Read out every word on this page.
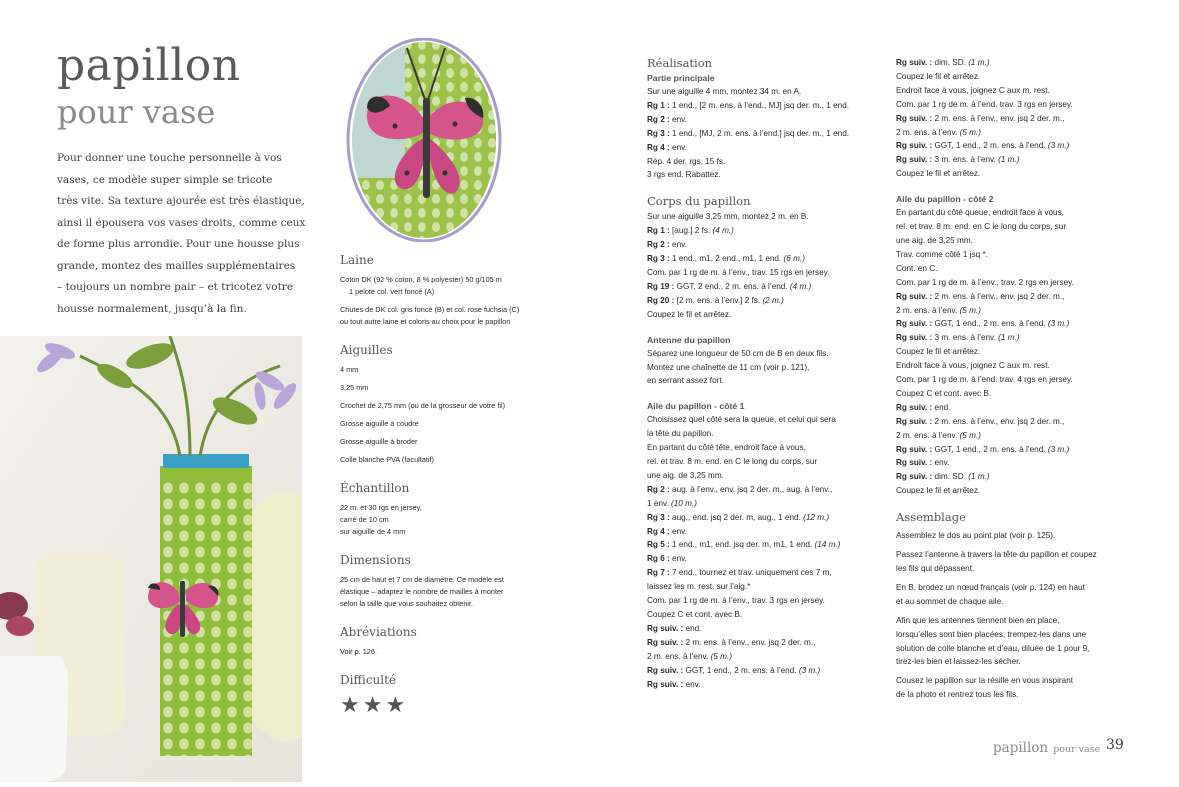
papillon
pour vase

Pour donner une touche personnelle à vos

vases, ce modèle super simple se tricote

très vite. Sa texture ajourée est très élastique,

ainsi il épousera vos vases droits, comme ceux

de forme plus arrondie. Pour une housse plus

grande, montez des mailles supplémentaires

– toujours un nombre pair – et tricotez votre

housse normalement, jusqu’à la fin.

Laine

Coton DK (92 % coton, 8 % polyester) 50 g/105 m

1 pelote col. vert foncé (A)

Chutes de DK col. gris foncé (B) et col. rose fuchsia (C)

ou tout autre laine et coloris au choix pour le papillon

Aiguilles

4 mm

3,25 mm

Crochet de 2,75 mm (ou de la grosseur de votre fil)

Grosse aiguille à coudre

Grosse aiguille à broder

Colle blanche PVA (facultatif)

Échantillon

22 m. et 30 rgs en jersey,

carré de 10 cm

sur aiguille de 4 mm

Dimensions

25 cm de haut et 7 cm de diamètre. Ce modèle est

élastique – adaptez le nombre de mailles à monter

selon la taille que vous souhaitez obtenir.

Abréviations

Voir p. 126.

Difficulté
★★★
Réalisation
Partie principale

Sur une aiguille 4 mm, montez 34 m. en A.

Rg 1 : 1 end., [2 m. ens. à l’end., MJ] jsq der. m., 1 end.

Rg 2 : env.

Rg 3 : 1 end., [MJ, 2 m. ens. à l’end.] jsq der. m., 1 end.

Rg 4 : env.

Rép. 4 der. rgs, 15 fs.

3 rgs end. Rabattez.

Corps du papillon

Sur une aiguille 3,25 mm, montez 2 m. en B.

Rg 1 : [aug.] 2 fs. (4 m.)

Rg 2 : env.

Rg 3 : 1 end., m1, 2 end., m1, 1 end. (6 m.)

Com. par 1 rg de m. à l’env., trav. 15 rgs en jersey.

Rg 19 : GGT, 2 end., 2 m. ens. à l’end. (4 m.)

Rg 20 : [2 m. ens. à l’env.] 2 fs. (2 m.)

Coupez le fil et arrêtez.

Antenne du papillon

Séparez une longueur de 50 cm de B en deux fils.

Montez une chaînette de 11 cm (voir p. 121),

en serrant assez fort.

Aile du papillon - côté 1

Choisissez quel côté sera la queue, et celui qui sera

la tête du papillon.

En partant du côté tête, endroit face à vous,

rel. et trav. 8 m. end. en C le long du corps, sur

une aig. de 3,25 mm.

Rg 2 : aug. à l’env., env. jsq 2 der. m., aug. à l’env.,

1 env. (10 m.)

Rg 3 : aug., end. jsq 2 der. m, aug., 1 end. (12 m.)

Rg 4 : env.

Rg 5 : 1 end., m1, end. jsq der. m, m1, 1 end. (14 m.)

Rg 6 : env.

Rg 7 : 7 end., tournez et trav. uniquement ces 7 m,

laissez les m. rest. sur l’aig.*

Com. par 1 rg de m. à l’env., trav. 3 rgs en jersey.

Coupez C et cont. avec B.

Rg suiv. : end.

Rg suiv. : 2 m. ens. à l’env., env. jsq 2 der. m.,

2 m. ens. à l’env. (5 m.)

Rg suiv. : GGT, 1 end., 2 m. ens. à l’end. (3 m.)

Rg suiv. : env.

Rg suiv. : dim. SD. (1 m.)

Coupez le fil et arrêtez.

Endroit face à vous, joignez C aux m. rest.

Com. par 1 rg de m. à l’end. trav. 3 rgs en jersey.

Rg suiv. : 2 m. ens. à l’env., env. jsq 2 der. m.,

2 m. ens. à l’env. (5 m.)

Rg suiv. : GGT, 1 end., 2 m. ens. à l’end. (3 m.)

Rg suiv. : 3 m. ens. à l’env. (1 m.)

Coupez le fil et arrêtez.

Aile du papillon - côté 2

En partant du côté queue, endroit face à vous,

rel. et trav. 8 m. end. en C le long du corps, sur

une aig. de 3,25 mm.

Trav. comme côté 1 jsq *.

Cont. en C.

Com. par 1 rg de m. à l’env., trav. 2 rgs en jersey.

Rg suiv. : 2 m. ens. à l’env., env. jsq 2 der. m.,

2 m. ens. à l’env. (5 m.)

Rg suiv. : GGT, 1 end., 2 m. ens. à l’end. (3 m.)

Rg suiv. : 3 m. ens. à l’env. (1 m.)

Coupez le fil et arrêtez.

Endroit face à vous, joignez C aux m. rest.

Com. par 1 rg de m. à l’end. trav. 4 rgs en jersey.

Coupez C et cont. avec B.

Rg suiv. : end.

Rg suiv. : 2 m. ens. à l’env., env. jsq 2 der. m.,

2 m. ens. à l’env. (5 m.)

Rg suiv. : GGT, 1 end., 2 m. ens. à l’end. (3 m.)

Rg suiv. : env.

Rg suiv. : dim. SD. (1 m.)

Coupez le fil et arrêtez.

Assemblage
Assemblez le dos au point plat (voir p. 125).
Passez l’antenne à travers la tête du papillon et coupez
les fils qui dépassent.
En B, brodez un nœud français (voir p. 124) en haut
et au sommet de chaque aile.
Afin que les antennes tiennent bien en place,
lorsqu’elles sont bien placées, trempez-les dans une
solution de colle blanche et d’eau, diluée de 1 pour 9,
tirez-les bien et laissez-les sécher.
Cousez le papillon sur la résille en vous inspirant
de la photo et rentrez tous les fils.
papillon pour vase 39
